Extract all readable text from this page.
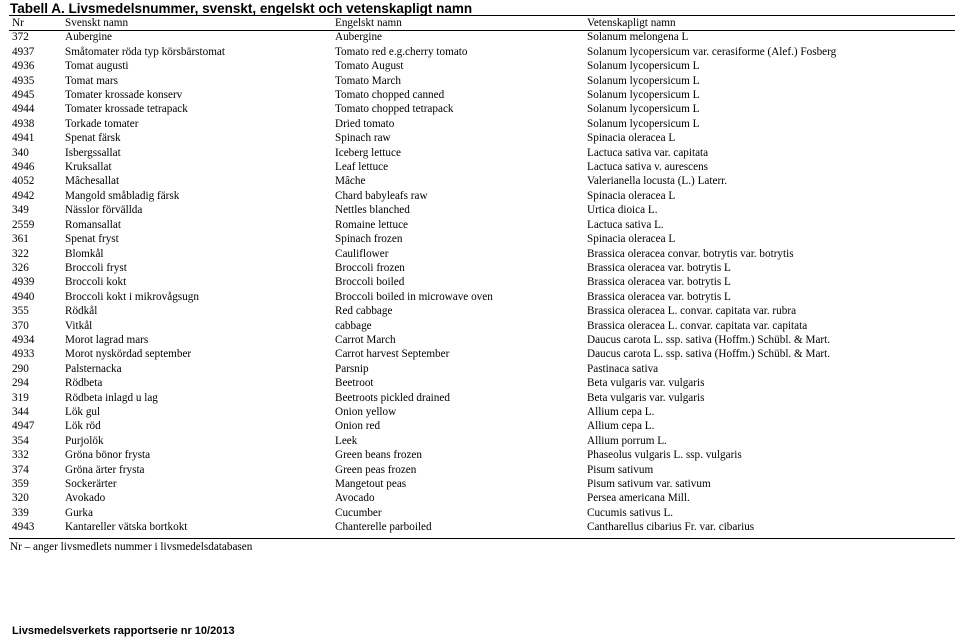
Tabell A. Livsmedelsnummer, svenskt, engelskt och vetenskapligt namn
Nr	Svenskt namn	Engelskt namn	Vetenskapligt namn
372	Aubergine	Aubergine	Solanum melongena L
4937	Småtomater röda typ körsbärstomat	Tomato red e.g.cherry tomato	Solanum lycopersicum var. cerasiforme (Alef.) Fosberg
4936	Tomat augusti	Tomato August	Solanum lycopersicum L
4935	Tomat mars	Tomato March	Solanum lycopersicum L
4945	Tomater krossade konserv	Tomato chopped canned	Solanum lycopersicum L
4944	Tomater krossade tetrapack	Tomato chopped tetrapack	Solanum lycopersicum L
4938	Torkade tomater	Dried tomato	Solanum lycopersicum L
4941	Spenat färsk	Spinach raw	Spinacia oleracea L
340	Isbergssallat	Iceberg lettuce	Lactuca sativa var. capitata
4946	Kruksallat	Leaf lettuce	Lactuca sativa v. aurescens
4052	Mâchesallat	Mâche	Valerianella locusta (L.) Laterr.
4942	Mangold småbladig färsk	Chard babyleafs raw	Spinacia oleracea L
349	Nässlor förvällda	Nettles blanched	Urtica dioica L.
2559	Romansallat	Romaine lettuce	Lactuca sativa L.
361	Spenat fryst	Spinach frozen	Spinacia oleracea L
322	Blomkål	Cauliflower	Brassica oleracea convar. botrytis var. botrytis
326	Broccoli fryst	Broccoli frozen	Brassica oleracea var. botrytis L
4939	Broccoli kokt	Broccoli boiled	Brassica oleracea var. botrytis L
4940	Broccoli kokt i mikrovågsugn	Broccoli boiled in microwave oven	Brassica oleracea var. botrytis L
355	Rödkål	Red cabbage	Brassica oleracea L. convar. capitata var. rubra
370	Vitkål	cabbage	Brassica oleracea L. convar. capitata var. capitata
4934	Morot lagrad mars	Carrot March	Daucus carota L. ssp. sativa (Hoffm.) Schübl. & Mart.
4933	Morot nyskördad september	Carrot harvest September	Daucus carota L. ssp. sativa (Hoffm.) Schübl. & Mart.
290	Palsternacka	Parsnip	Pastinaca sativa
294	Rödbeta	Beetroot	Beta vulgaris var. vulgaris
319	Rödbeta inlagd u lag	Beetroots pickled drained	Beta vulgaris var. vulgaris
344	Lök gul	Onion yellow	Allium cepa L.
4947	Lök röd	Onion red	Allium cepa L.
354	Purjolök	Leek	Allium porrum L.
332	Gröna bönor frysta	Green beans frozen	Phaseolus vulgaris L. ssp. vulgaris
374	Gröna ärter frysta	Green peas frozen	Pisum sativum
359	Sockerärter	Mangetout peas	Pisum sativum var. sativum
320	Avokado	Avocado	Persea americana Mill.
339	Gurka	Cucumber	Cucumis sativus L.
4943	Kantareller vätska bortkokt	Chanterelle parboiled	Cantharellus cibarius Fr. var. cibarius

Nr – anger livsmedlets nummer i livsmedelsdatabasen

Livsmedelsverkets rapportserie nr 10/2013
